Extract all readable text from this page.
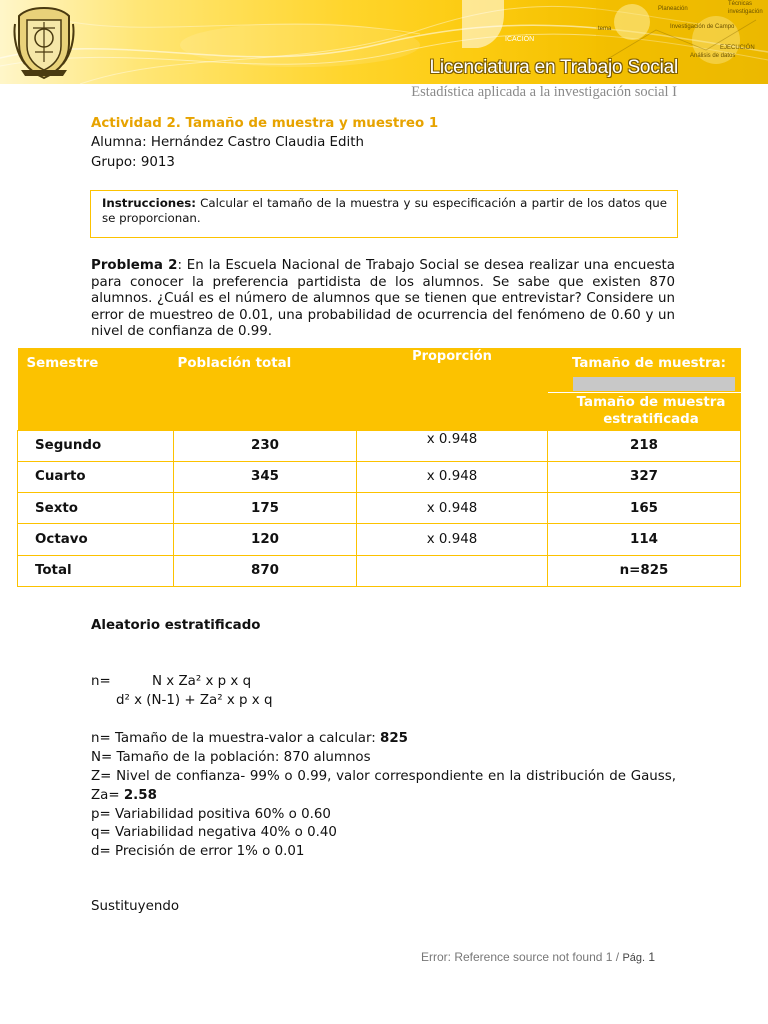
Planeación
Técnicas
investigación
tema	Investigación de Campo
EJECUCIÓN
Análisis de datos
ICACIÓN
Licenciatura en Trabajo Social
Estadística aplicada a la investigación social I
Actividad 2. Tamaño de muestra y muestreo 1
Alumna: Hernández Castro Claudia Edith
Grupo: 9013
Instrucciones: Calcular el tamaño de la muestra y su especificación a partir de los datos que se proporcionan.
Problema 2: En la Escuela Nacional de Trabajo Social se desea realizar una encuesta para conocer la preferencia partidista de los alumnos. Se sabe que existen 870 alumnos. ¿Cuál es el número de alumnos que se tienen que entrevistar? Considere un error de muestreo de 0.01, una probabilidad de ocurrencia del fenómeno de 0.60 y un nivel de confianza de 0.99.
Semestre	Población total	Proporción	Tamaño de muestra:

			Tamaño de muestra estratificada
Segundo	230	x 0.948	218
Cuarto	345	x 0.948	327
Sexto	175	x 0.948	165
Octavo	120	x 0.948	114
Total	870		n=825
Aleatorio estratificado
n=	N x Za² x p x q
d² x (N-1) + Za² x p x q
n= Tamaño de la muestra-valor a calcular: 825
N= Tamaño de la población: 870 alumnos
Z= Nivel de confianza- 99% o 0.99, valor correspondiente en la distribución de Gauss, Za= 2.58
p= Variabilidad positiva 60% o 0.60
q= Variabilidad negativa 40% o 0.40
d= Precisión de error 1% o 0.01
Sustituyendo
Error: Reference source not found 1 / Pág. 1
